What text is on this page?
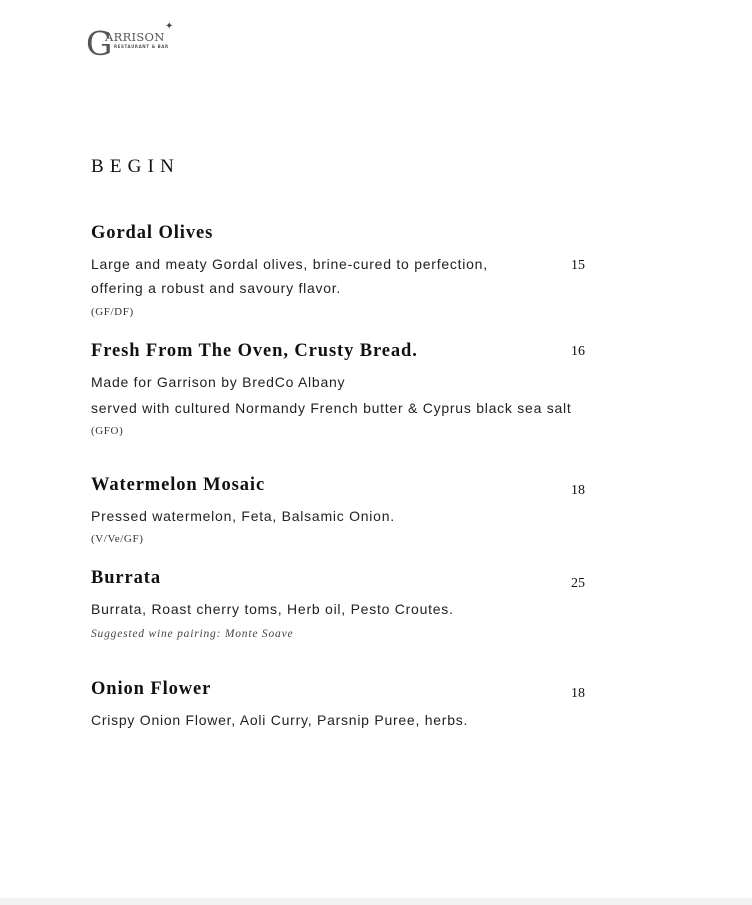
G
ARRISON
RESTAURANT & BAR
✦
BEGIN
Gordal Olives
15
Large and meaty Gordal olives, brine-cured to perfection,
offering a robust and savoury flavor.
(GF/DF)
Fresh From The Oven, Crusty Bread.	16
Made for Garrison by BredCo Albany
served with cultured Normandy French butter & Cyprus black sea salt
(GFO)
Watermelon Mosaic	18
Pressed watermelon, Feta, Balsamic Onion.
(V/Ve/GF)
Burrata	25
Burrata, Roast cherry toms, Herb oil, Pesto Croutes.
Suggested wine pairing: Monte Soave
Onion Flower	18
Crispy Onion Flower, Aoli Curry, Parsnip Puree, herbs.
